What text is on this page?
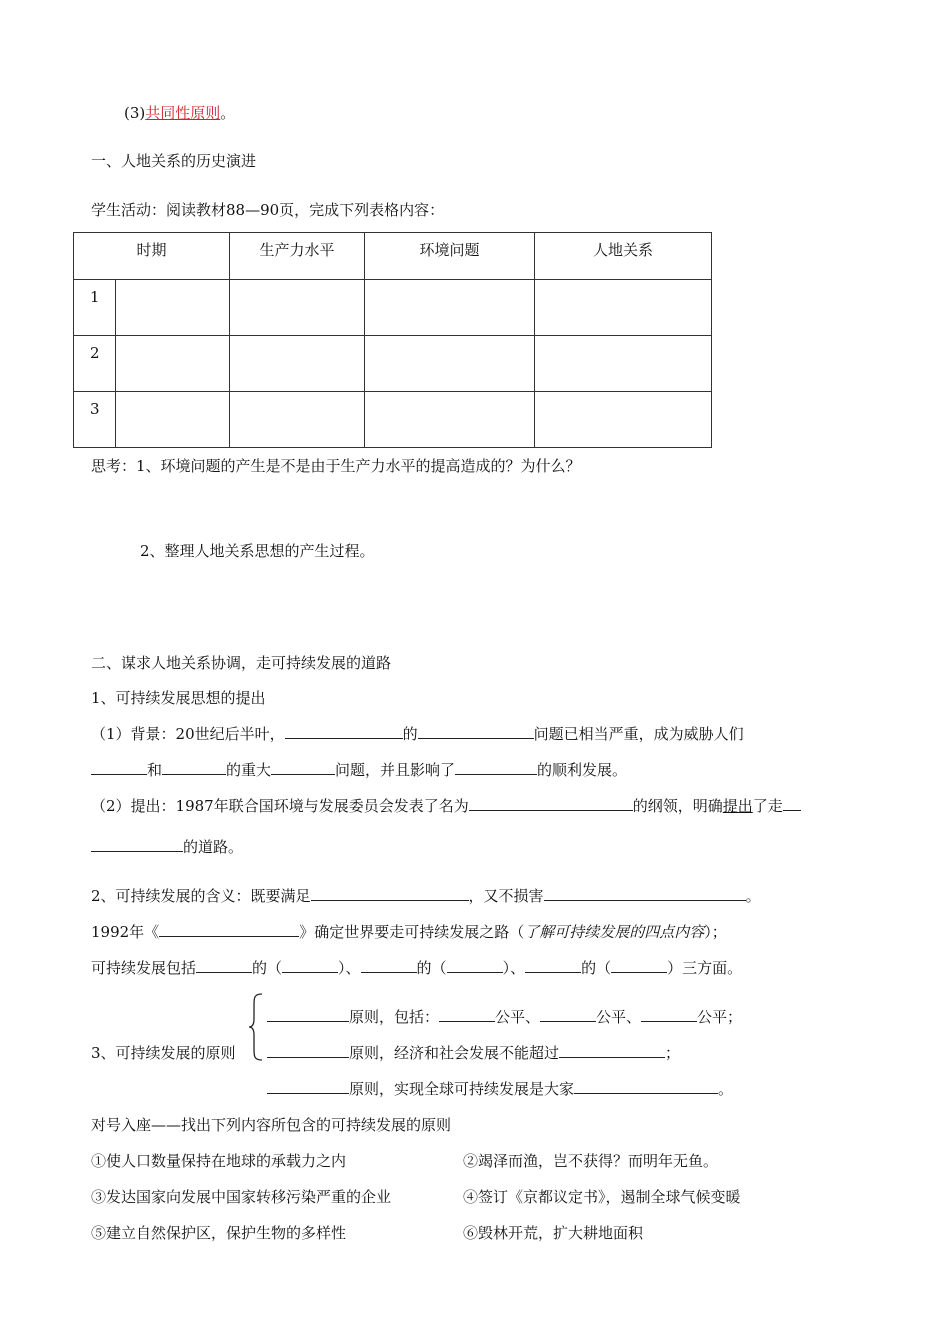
(3)共同性原则。
一、人地关系的历史演进
学生活动：阅读教材88—90页，完成下列表格内容：
时期		生产力水平	环境问题	人地关系
1				
2				
3				
思考：1、环境问题的产生是不是由于生产力水平的提高造成的？为什么？
2、整理人地关系思想的产生过程。
二、谋求人地关系协调，走可持续发展的道路
1、可持续发展思想的提出
（1）背景：20世纪后半叶，	的	问题已相当严重，成为威胁人们
和	的重大	问题，并且影响了	的顺利发展。
（2）提出：1987年联合国环境与发展委员会发表了名为	的纲领，明确提出了走
的道路。
2、可持续发展的含义：既要满足	，又不损害	。
1992年《	》确定世界要走可持续发展之路（了解可持续发展的四点内容）；
可持续发展包括	的（	）、	的（	）、	的（	）三方面。
原则，包括：	公平、	公平、	公平；
3、可持续发展的原则	原则，经济和社会发展不能超过	；
原则，实现全球可持续发展是大家	。
对号入座——找出下列内容所包含的可持续发展的原则
①使人口数量保持在地球的承载力之内	②竭泽而渔，岂不获得？而明年无鱼。
③发达国家向发展中国家转移污染严重的企业	④签订《京都议定书》，遏制全球气候变暖
⑤建立自然保护区，保护生物的多样性	⑥毁林开荒，扩大耕地面积
